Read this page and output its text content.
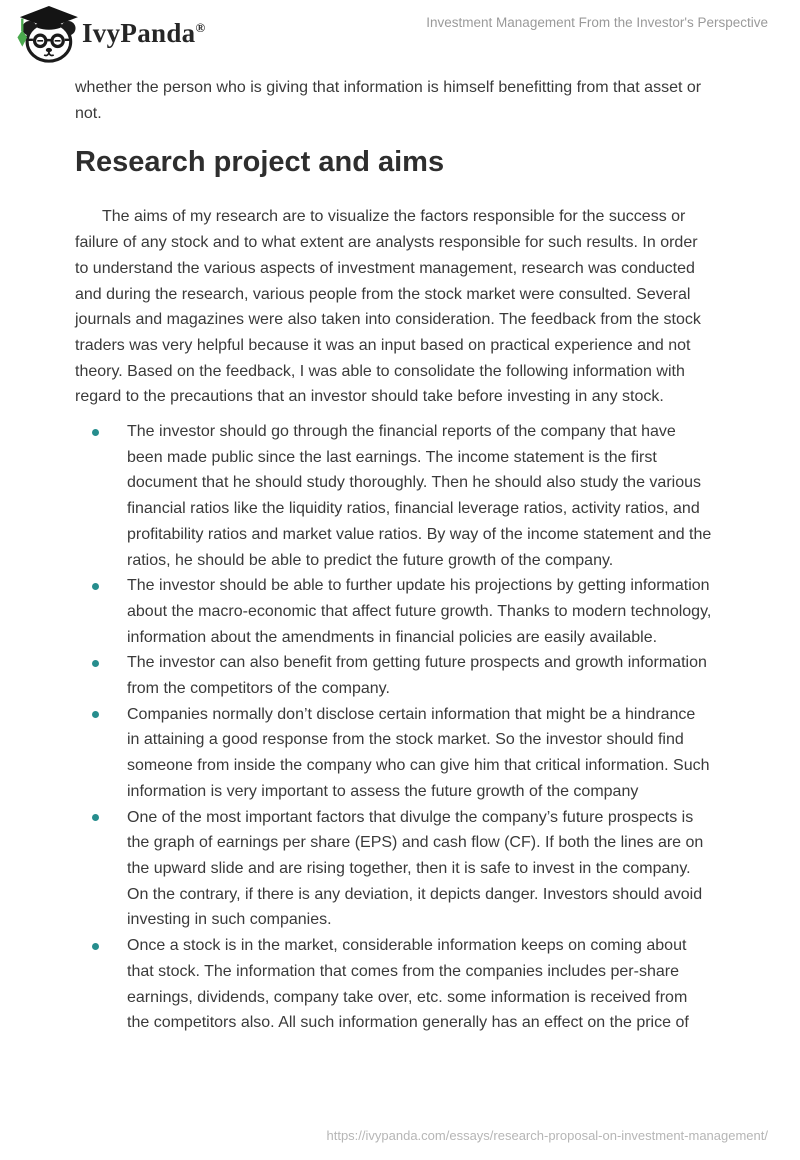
IvyPanda®	Investment Management From the Investor's Perspective

whether the person who is giving that information is himself benefitting from that asset or not.

Research project and aims

The aims of my research are to visualize the factors responsible for the success or failure of any stock and to what extent are analysts responsible for such results. In order to understand the various aspects of investment management, research was conducted and during the research, various people from the stock market were consulted. Several journals and magazines were also taken into consideration. The feedback from the stock traders was very helpful because it was an input based on practical experience and not theory. Based on the feedback, I was able to consolidate the following information with regard to the precautions that an investor should take before investing in any stock.

The investor should go through the financial reports of the company that have been made public since the last earnings. The income statement is the first document that he should study thoroughly. Then he should also study the various financial ratios like the liquidity ratios, financial leverage ratios, activity ratios, and profitability ratios and market value ratios. By way of the income statement and the ratios, he should be able to predict the future growth of the company.
The investor should be able to further update his projections by getting information about the macro-economic that affect future growth. Thanks to modern technology, information about the amendments in financial policies are easily available.
The investor can also benefit from getting future prospects and growth information from the competitors of the company.
Companies normally don’t disclose certain information that might be a hindrance in attaining a good response from the stock market. So the investor should find someone from inside the company who can give him that critical information. Such information is very important to assess the future growth of the company
One of the most important factors that divulge the company’s future prospects is the graph of earnings per share (EPS) and cash flow (CF). If both the lines are on the upward slide and are rising together, then it is safe to invest in the company. On the contrary, if there is any deviation, it depicts danger. Investors should avoid investing in such companies.
Once a stock is in the market, considerable information keeps on coming about that stock. The information that comes from the companies includes per-share earnings, dividends, company take over, etc. some information is received from the competitors also. All such information generally has an effect on the price of
https://ivypanda.com/essays/research-proposal-on-investment-management/
